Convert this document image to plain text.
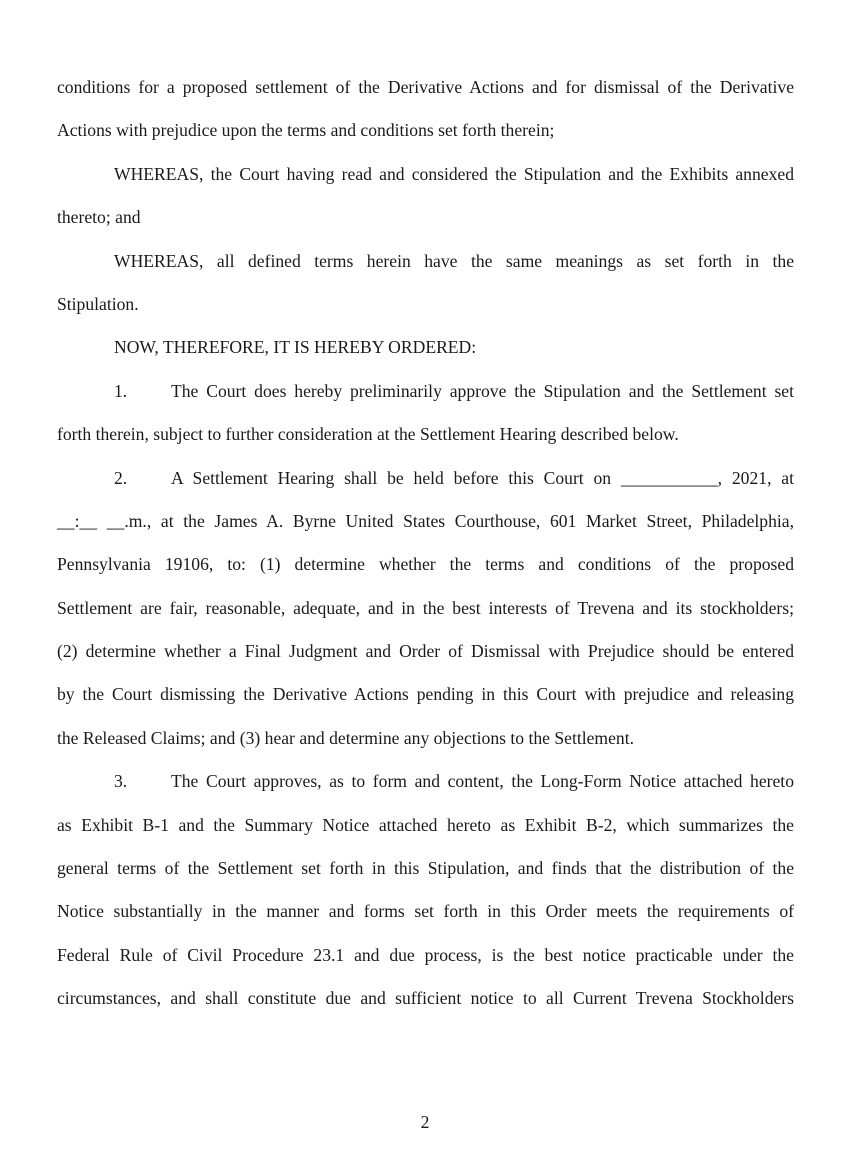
conditions for a proposed settlement of the Derivative Actions and for dismissal of the Derivative
Actions with prejudice upon the terms and conditions set forth therein;
WHEREAS, the Court having read and considered the Stipulation and the Exhibits annexed
thereto; and
WHEREAS, all defined terms herein have the same meanings as set forth in the
Stipulation.
NOW, THEREFORE, IT IS HEREBY ORDERED:
1.	The Court does hereby preliminarily approve the Stipulation and the Settlement set
forth therein, subject to further consideration at the Settlement Hearing described below.
2.	A Settlement Hearing shall be held before this Court on ___________, 2021, at
__:__ __.m., at the James A. Byrne United States Courthouse, 601 Market Street, Philadelphia,
Pennsylvania 19106, to: (1) determine whether the terms and conditions of the proposed
Settlement are fair, reasonable, adequate, and in the best interests of Trevena and its stockholders;
(2) determine whether a Final Judgment and Order of Dismissal with Prejudice should be entered
by the Court dismissing the Derivative Actions pending in this Court with prejudice and releasing
the Released Claims; and (3) hear and determine any objections to the Settlement.
3.	The Court approves, as to form and content, the Long-Form Notice attached hereto
as Exhibit B-1 and the Summary Notice attached hereto as Exhibit B-2, which summarizes the
general terms of the Settlement set forth in this Stipulation, and finds that the distribution of the
Notice substantially in the manner and forms set forth in this Order meets the requirements of
Federal Rule of Civil Procedure 23.1 and due process, is the best notice practicable under the
circumstances, and shall constitute due and sufficient notice to all Current Trevena Stockholders
2
